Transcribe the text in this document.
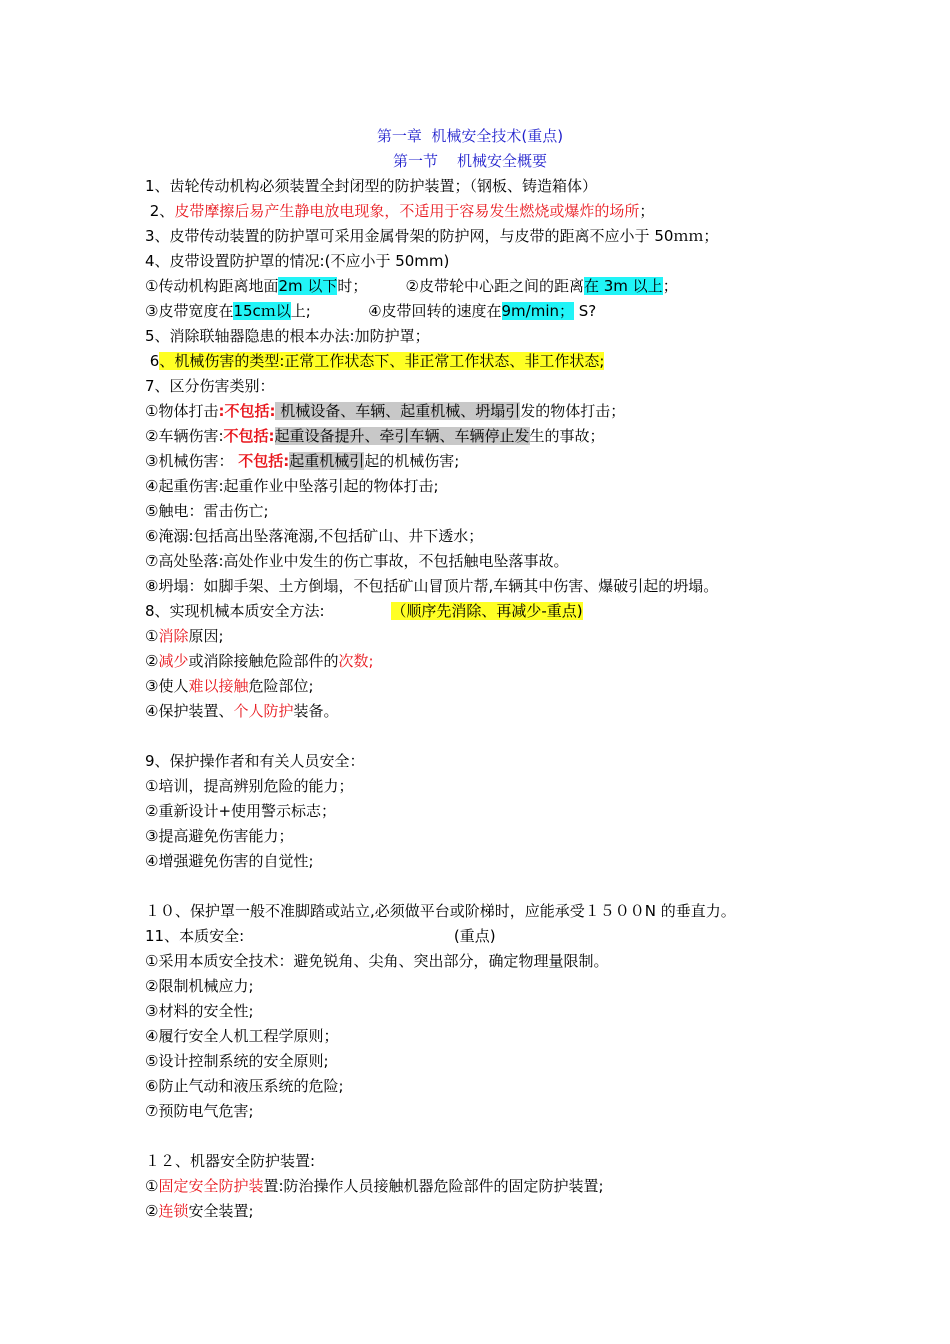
第一章  机械安全技术(重点)
第一节    机械安全概要
1、齿轮传动机构必须装置全封闭型的防护装置；（钢板、铸造箱体）
2、皮带摩擦后易产生静电放电现象，不适用于容易发生燃烧或爆炸的场所；
3、皮带传动装置的防护罩可采用金属骨架的防护网，与皮带的距离不应小于 50ｍｍ；
4、皮带设置防护罩的情况:(不应小于 50mm)
①传动机构距离地面2m 以下时；        ②皮带轮中心距之间的距离在 3m 以上；
③皮带宽度在15cｍ以上;            ④皮带回转的速度在9m/min； S?
5、消除联轴器隐患的根本办法:加防护罩；
6、机械伤害的类型:正常工作状态下、非正常工作状态、非工作状态;
7、区分伤害类别：
①物体打击:不包括: 机械设备、车辆、起重机械、坍塌引发的物体打击；
②车辆伤害:不包括:起重设备提升、牵引车辆、车辆停止发生的事故；
③机械伤害： 不包括:起重机械引起的机械伤害;
④起重伤害:起重作业中坠落引起的物体打击;
⑤触电：雷击伤亡;
⑥淹溺:包括高出坠落淹溺,不包括矿山、井下透水；
⑦高处坠落:高处作业中发生的伤亡事故，不包括触电坠落事故。
⑧坍塌：如脚手架、土方倒塌，不包括矿山冒顶片帮,车辆其中伤害、爆破引起的坍塌。
8、实现机械本质安全方法:              （顺序先消除、再减少-重点)
①消除原因;
②减少或消除接触危险部件的次数;
③使人难以接触危险部位;
④保护装置、个人防护装备。
9、保护操作者和有关人员安全：
①培训，提高辨别危险的能力；
②重新设计+使用警示标志；
③提高避免伤害能力；
④增强避免伤害的自觉性;
１０、保护罩一般不准脚踏或站立,必须做平台或阶梯时，应能承受１５００N 的垂直力。
11、本质安全:                                            (重点)
①采用本质安全技术：避免锐角、尖角、突出部分，确定物理量限制。
②限制机械应力;
③材料的安全性;
④履行安全人机工程学原则；
⑤设计控制系统的安全原则;
⑥防止气动和液压系统的危险;
⑦预防电气危害;
１２、机器安全防护装置:
①固定安全防护装置:防治操作人员接触机器危险部件的固定防护装置;
②连锁安全装置;
